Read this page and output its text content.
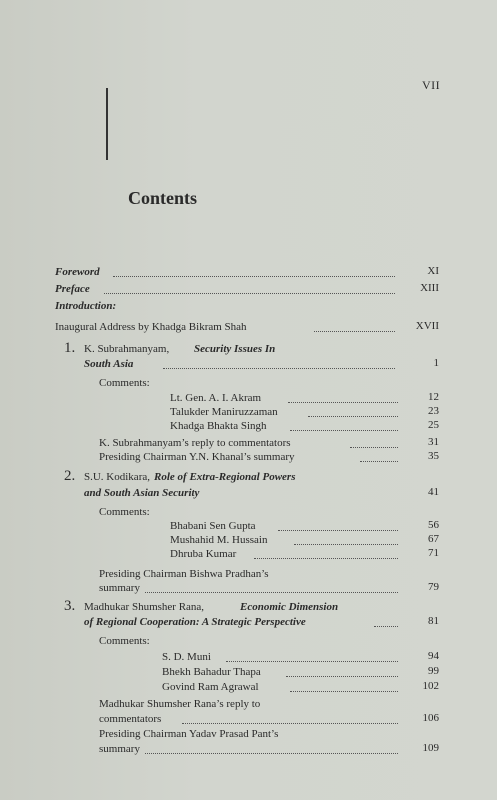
VII
Contents
Foreword	XI
Preface	XIII
Introduction:
Inaugural Address by Khadga Bikram Shah	XVII
1. K. Subrahmanyam, Security Issues In
South Asia	1
Comments:
Lt. Gen. A. I. Akram	12
Talukder Maniruzzaman	23
Khadga Bhakta Singh	25
K. Subrahmanyam’s reply to commentators	31
Presiding Chairman Y.N. Khanal’s summary	35
2. S.U. Kodikara, Role of Extra-Regional Powers
and South Asian Security	41
Comments:
Bhabani Sen Gupta	56
Mushahid M. Hussain	67
Dhruba Kumar	71
Presiding Chairman Bishwa Pradhan’s
summary	79
3. Madhukar Shumsher Rana,	Economic Dimension
of Regional Cooperation: A Strategic Perspective	81
Comments:
S. D. Muni	94
Bhekh Bahadur Thapa	99
Govind Ram Agrawal	102
Madhukar Shumsher Rana’s reply to
commentators	106
Presiding Chairman Yadav Prasad Pant’s
summary	109
